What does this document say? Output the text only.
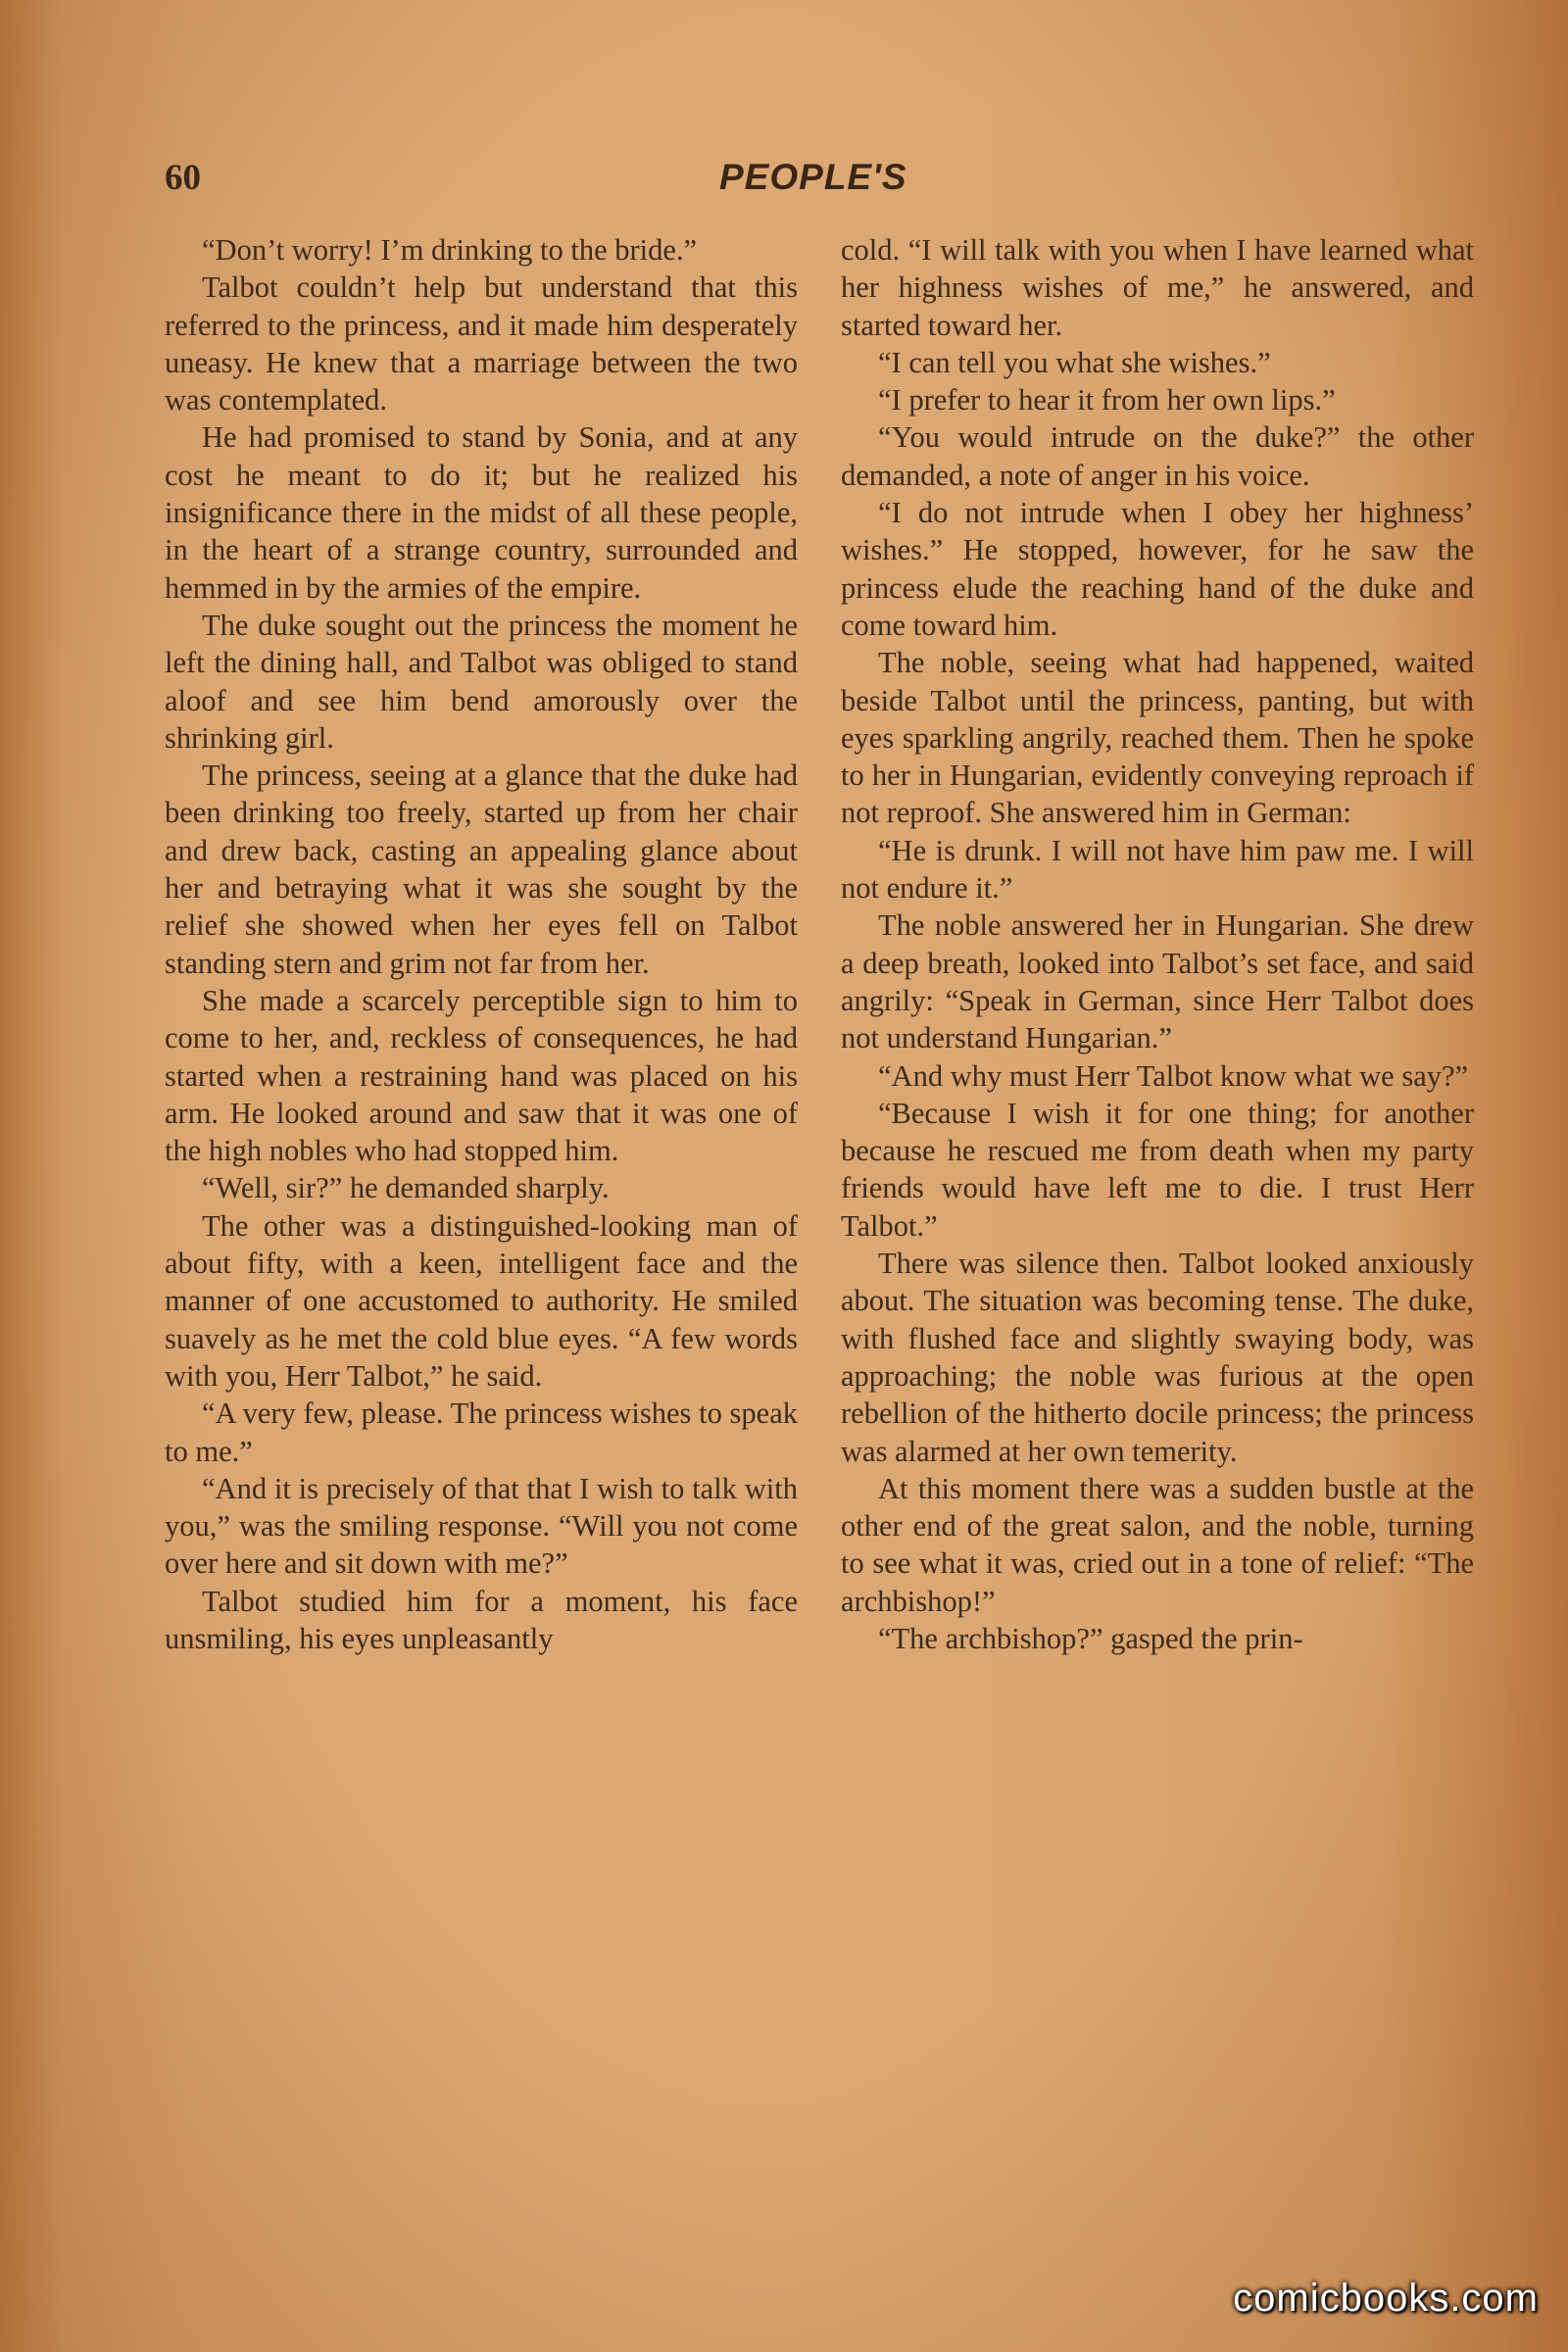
60	PEOPLE'S

“Don’t worry! I’m drinking to the bride.”

Talbot couldn’t help but understand that this referred to the princess, and it made him desperately uneasy. He knew that a marriage between the two was contemplated.

He had promised to stand by Sonia, and at any cost he meant to do it; but he realized his insignificance there in the midst of all these people, in the heart of a strange country, surrounded and hemmed in by the armies of the empire.

The duke sought out the princess the moment he left the dining hall, and Talbot was obliged to stand aloof and see him bend amorously over the shrinking girl.

The princess, seeing at a glance that the duke had been drinking too freely, started up from her chair and drew back, casting an appealing glance about her and betraying what it was she sought by the relief she showed when her eyes fell on Talbot standing stern and grim not far from her.

She made a scarcely perceptible sign to him to come to her, and, reckless of consequences, he had started when a restraining hand was placed on his arm. He looked around and saw that it was one of the high nobles who had stopped him.

“Well, sir?” he demanded sharply.

The other was a distinguished-looking man of about fifty, with a keen, intelligent face and the manner of one accustomed to authority. He smiled suavely as he met the cold blue eyes. “A few words with you, Herr Talbot,” he said.

“A very few, please. The princess wishes to speak to me.”

“And it is precisely of that that I wish to talk with you,” was the smiling response. “Will you not come over here and sit down with me?”

Talbot studied him for a moment, his face unsmiling, his eyes unpleasantly

cold. “I will talk with you when I have learned what her highness wishes of me,” he answered, and started toward her.

“I can tell you what she wishes.”

“I prefer to hear it from her own lips.”

“You would intrude on the duke?” the other demanded, a note of anger in his voice.

“I do not intrude when I obey her highness’ wishes.” He stopped, however, for he saw the princess elude the reaching hand of the duke and come toward him.

The noble, seeing what had happened, waited beside Talbot until the princess, panting, but with eyes sparkling angrily, reached them. Then he spoke to her in Hungarian, evidently conveying reproach if not reproof. She answered him in German:

“He is drunk. I will not have him paw me. I will not endure it.”

The noble answered her in Hungarian. She drew a deep breath, looked into Talbot’s set face, and said angrily: “Speak in German, since Herr Talbot does not understand Hungarian.”

“And why must Herr Talbot know what we say?”

“Because I wish it for one thing; for another because he rescued me from death when my party friends would have left me to die. I trust Herr Talbot.”

There was silence then. Talbot looked anxiously about. The situation was becoming tense. The duke, with flushed face and slightly swaying body, was approaching; the noble was furious at the open rebellion of the hitherto docile princess; the princess was alarmed at her own temerity.

At this moment there was a sudden bustle at the other end of the great salon, and the noble, turning to see what it was, cried out in a tone of relief: “The archbishop!”

“The archbishop?” gasped the prin-

comicbooks.com
